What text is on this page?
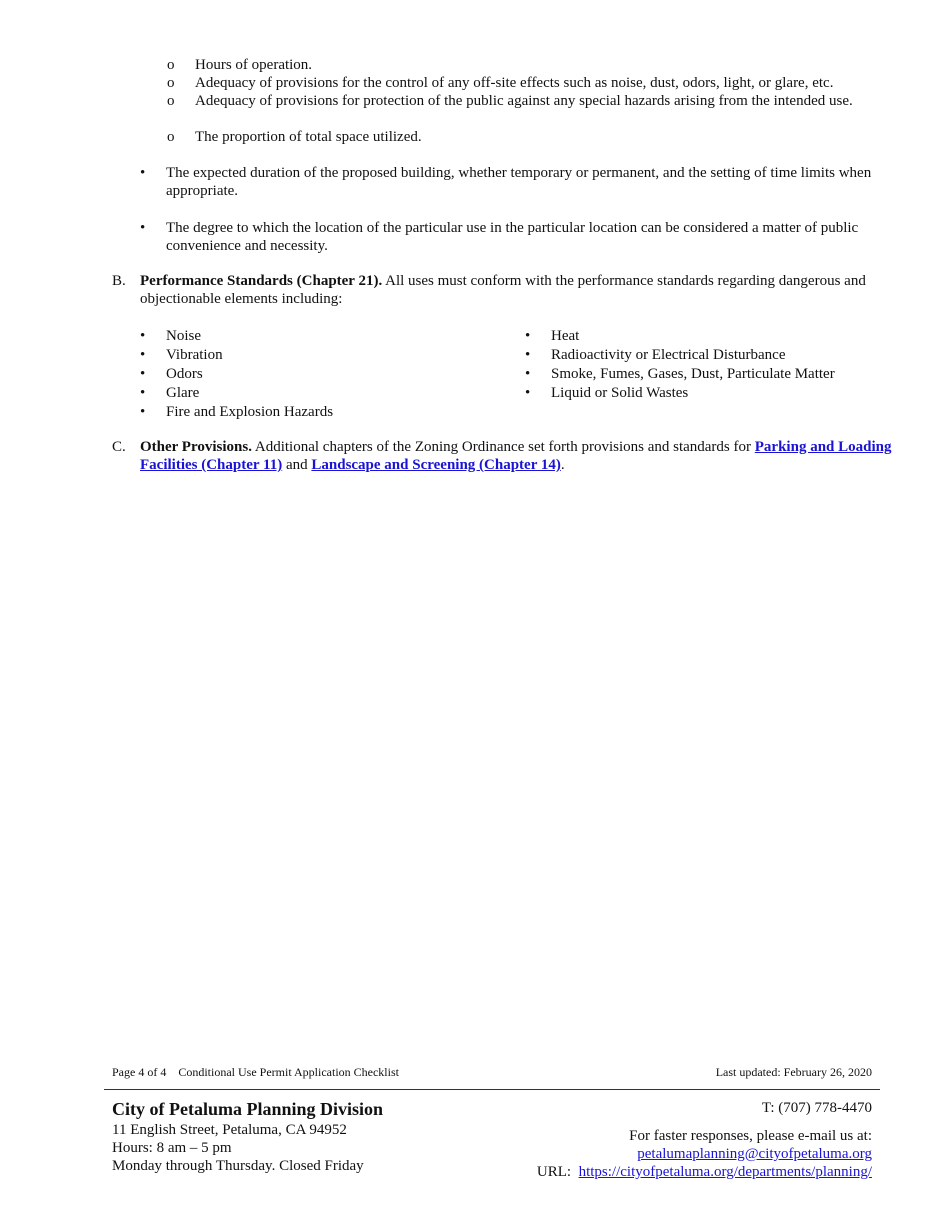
o Hours of operation.
o Adequacy of provisions for the control of any off-site effects such as noise, dust, odors, light, or glare, etc.
o Adequacy of provisions for protection of the public against any special hazards arising from the intended use.
o The proportion of total space utilized.
• The expected duration of the proposed building, whether temporary or permanent, and the setting of time limits when appropriate.
• The degree to which the location of the particular use in the particular location can be considered a matter of public convenience and necessity.
B. Performance Standards (Chapter 21). All uses must conform with the performance standards regarding dangerous and objectionable elements including:
• Noise
• Vibration
• Odors
• Glare
• Fire and Explosion Hazards
• Heat
• Radioactivity or Electrical Disturbance
• Smoke, Fumes, Gases, Dust, Particulate Matter
• Liquid or Solid Wastes
C. Other Provisions. Additional chapters of the Zoning Ordinance set forth provisions and standards for Parking and Loading Facilities (Chapter 11) and Landscape and Screening (Chapter 14).
Page 4 of 4 Conditional Use Permit Application Checklist	Last updated: February 26, 2020
City of Petaluma Planning Division
11 English Street, Petaluma, CA 94952
Hours: 8 am – 5 pm
Monday through Thursday. Closed Friday
T: (707) 778-4470
For faster responses, please e-mail us at:
petalumaplanning@cityofpetaluma.org
URL: https://cityofpetaluma.org/departments/planning/
